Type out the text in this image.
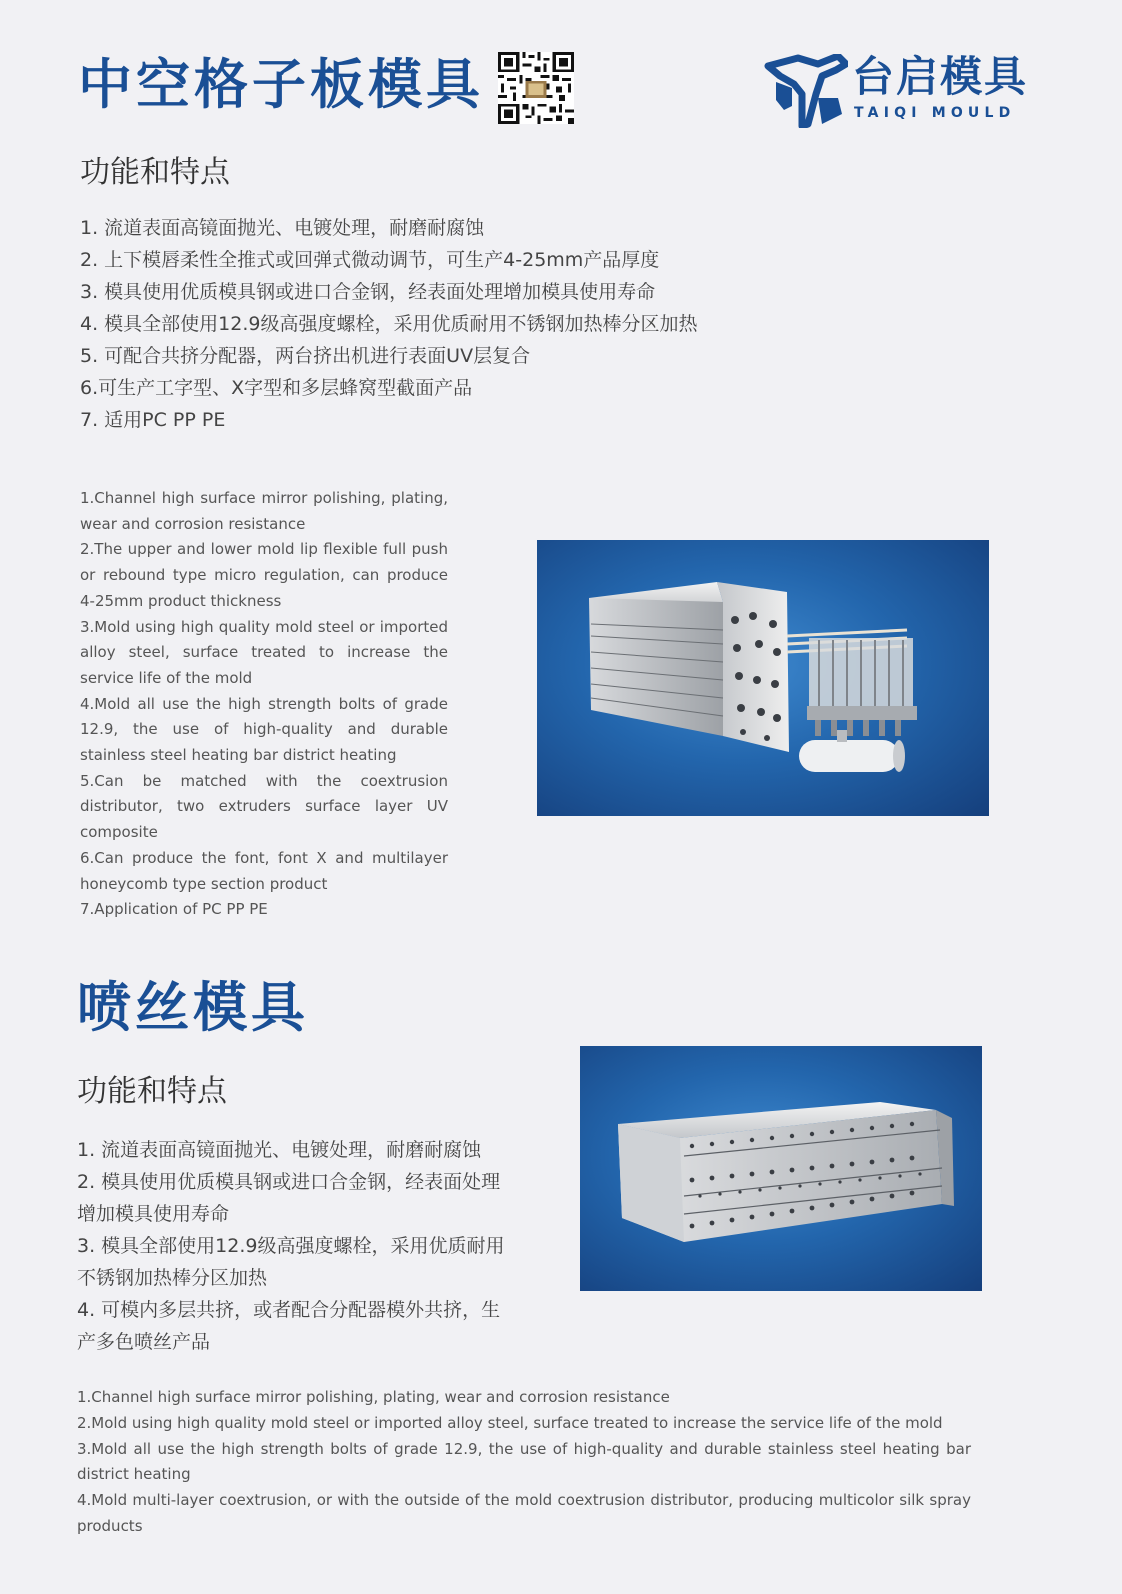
中空格子板模具	台启模具
TAIQI MOULD
功能和特点
1. 流道表面高镜面抛光、电镀处理，耐磨耐腐蚀
2. 上下模唇柔性全推式或回弹式微动调节，可生产4-25mm产品厚度
3. 模具使用优质模具钢或进口合金钢，经表面处理增加模具使用寿命
4. 模具全部使用12.9级高强度螺栓，采用优质耐用不锈钢加热棒分区加热
5. 可配合共挤分配器，两台挤出机进行表面UV层复合
6.可生产工字型、X字型和多层蜂窝型截面产品
7. 适用PC PP PE

1.Channel high surface mirror polishing, plating, wear and corrosion resistance

2.The upper and lower mold lip flexible full push or rebound type micro regulation, can produce 4-25mm product thickness

3.Mold using high quality mold steel or imported alloy steel, surface treated to increase the service life of the mold

4.Mold all use the high strength bolts of grade 12.9, the use of high-quality and durable stainless steel heating bar district heating

5.Can be matched with the coextrusion distributor, two extruders surface layer UV composite

6.Can produce the font, font X and multilayer honeycomb type section product

7.Application of PC PP PE

喷丝模具
功能和特点
1. 流道表面高镜面抛光、电镀处理，耐磨耐腐蚀
2. 模具使用优质模具钢或进口合金钢，经表面处理
增加模具使用寿命
3. 模具全部使用12.9级高强度螺栓，采用优质耐用
不锈钢加热棒分区加热
4. 可模内多层共挤，或者配合分配器模外共挤，生
产多色喷丝产品

1.Channel high surface mirror polishing, plating, wear and corrosion resistance

2.Mold using high quality mold steel or imported alloy steel, surface treated to increase the service life of the mold

3.Mold all use the high strength bolts of grade 12.9, the use of high-quality and durable stainless steel heating bar district heating

4.Mold multi-layer coextrusion, or with the outside of the mold coextrusion distributor, producing multicolor silk spray products
